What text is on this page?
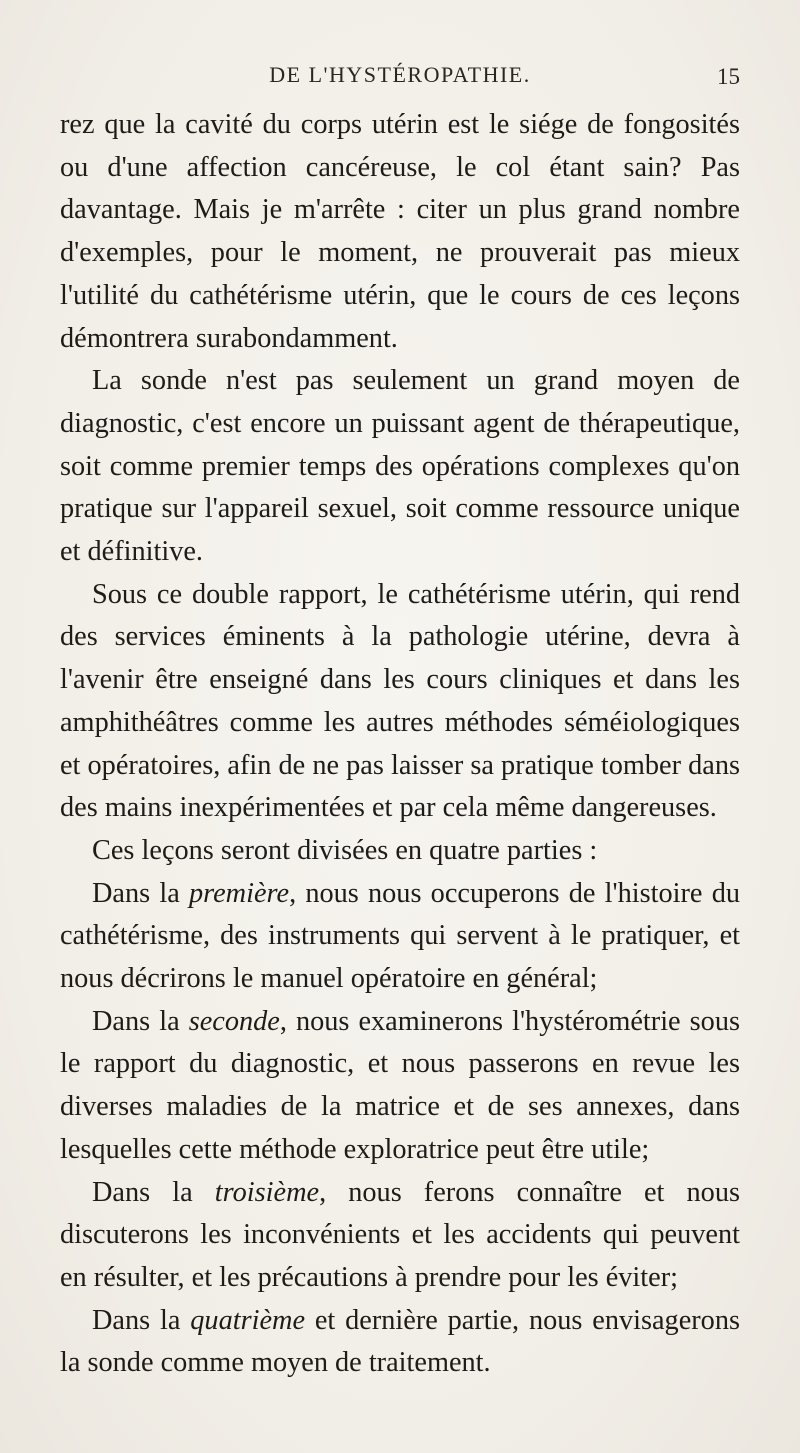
DE L'HYSTÉROPATHIE.	15

rez que la cavité du corps utérin est le siége de fongosités ou d'une affection cancéreuse, le col étant sain? Pas davantage. Mais je m'arrête : citer un plus grand nombre d'exemples, pour le moment, ne prouverait pas mieux l'utilité du cathétérisme utérin, que le cours de ces leçons démontrera surabondamment.

La sonde n'est pas seulement un grand moyen de diagnostic, c'est encore un puissant agent de thérapeutique, soit comme premier temps des opérations complexes qu'on pratique sur l'appareil sexuel, soit comme ressource unique et définitive.

Sous ce double rapport, le cathétérisme utérin, qui rend des services éminents à la pathologie utérine, devra à l'avenir être enseigné dans les cours cliniques et dans les amphithéâtres comme les autres méthodes séméiologiques et opératoires, afin de ne pas laisser sa pratique tomber dans des mains inexpérimentées et par cela même dangereuses.

Ces leçons seront divisées en quatre parties :

Dans la première, nous nous occuperons de l'histoire du cathétérisme, des instruments qui servent à le pratiquer, et nous décrirons le manuel opératoire en général;

Dans la seconde, nous examinerons l'hystérométrie sous le rapport du diagnostic, et nous passerons en revue les diverses maladies de la matrice et de ses annexes, dans lesquelles cette méthode exploratrice peut être utile;

Dans la troisième, nous ferons connaître et nous discuterons les inconvénients et les accidents qui peuvent en résulter, et les précautions à prendre pour les éviter;

Dans la quatrième et dernière partie, nous envisagerons la sonde comme moyen de traitement.
